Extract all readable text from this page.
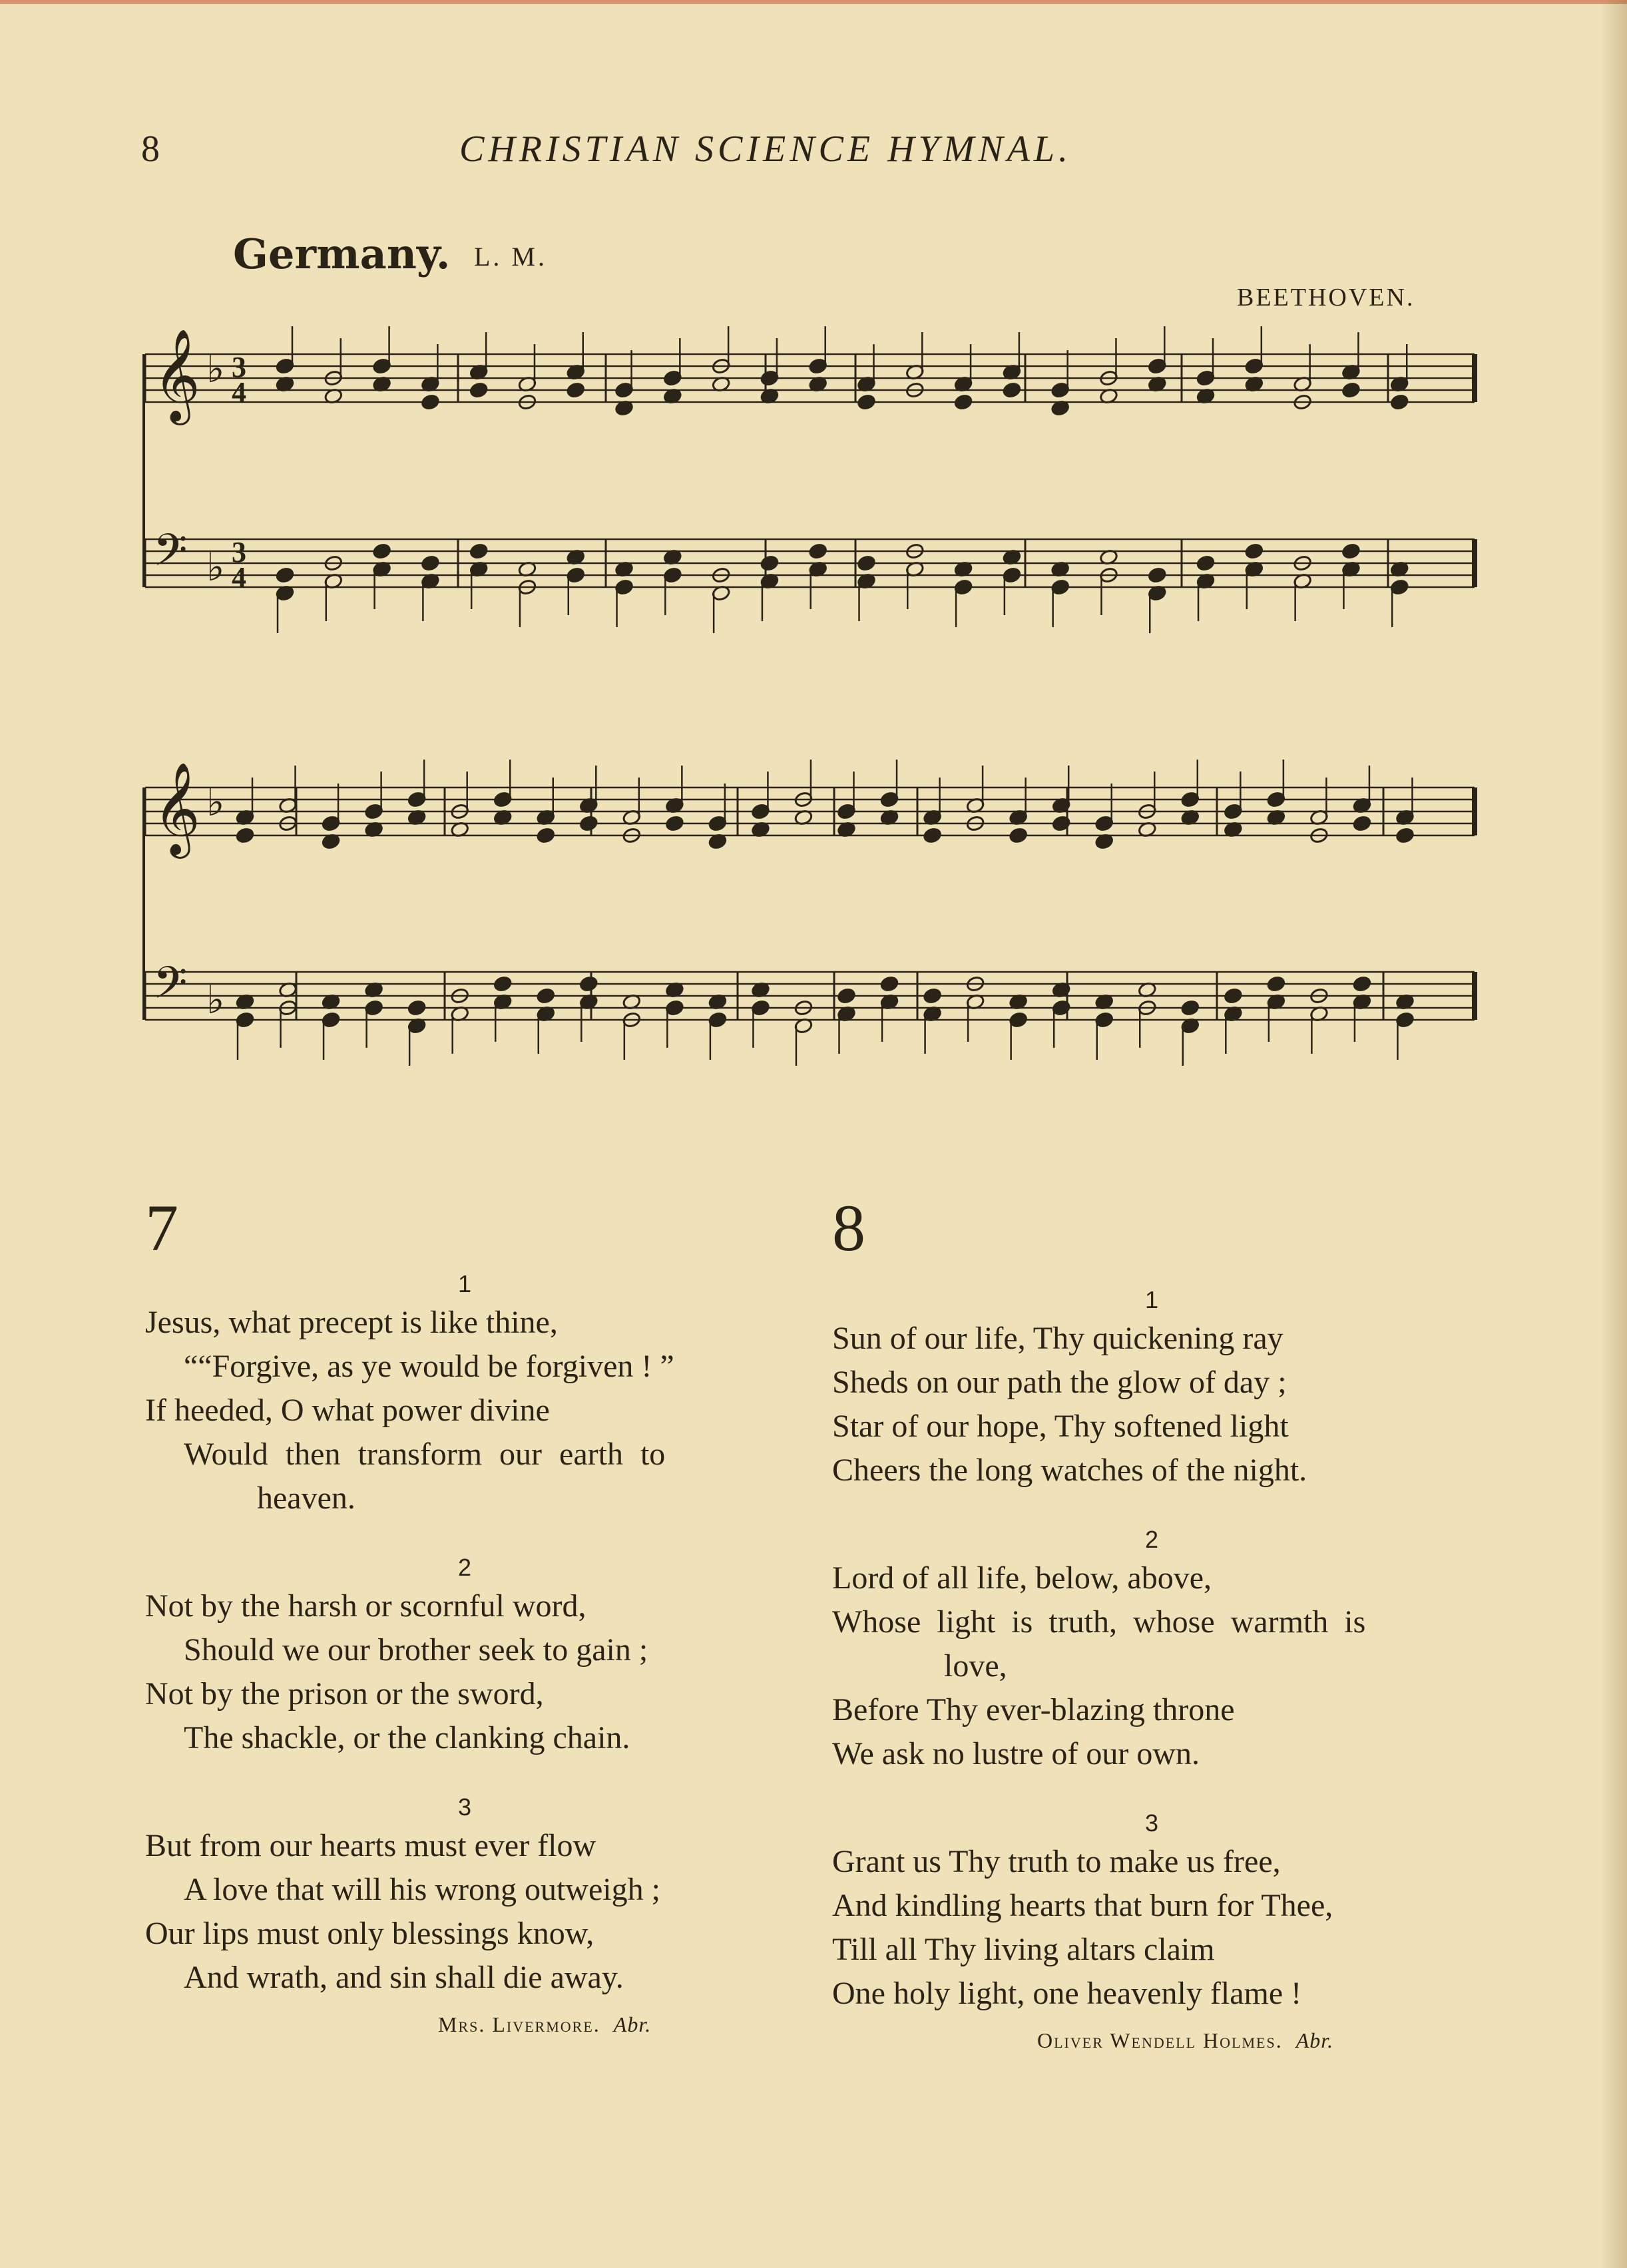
8	CHRISTIAN SCIENCE HYMNAL.
Germany. L. M.
BEETHOVEN.
𝄞 ♭ 3
4
𝄢 ♭ 3
4
𝄞 ♭
𝄢 ♭
7
1
Jesus, what precept is like thine,
““Forgive, as ye would be forgiven ! ”
If heeded, O what power divine
Would then transform our earth to
heaven.
2
Not by the harsh or scornful word,
Should we our brother seek to gain ;
Not by the prison or the sword,
The shackle, or the clanking chain.
3
But from our hearts must ever flow
A love that will his wrong outweigh ;
Our lips must only blessings know,
And wrath, and sin shall die away.
Mrs. Livermore. Abr.
8
1
Sun of our life, Thy quickening ray
Sheds on our path the glow of day ;
Star of our hope, Thy softened light
Cheers the long watches of the night.
2
Lord of all life, below, above,
Whose light is truth, whose warmth is
love,
Before Thy ever-blazing throne
We ask no lustre of our own.
3
Grant us Thy truth to make us free,
And kindling hearts that burn for Thee,
Till all Thy living altars claim
One holy light, one heavenly flame !
Oliver Wendell Holmes. Abr.
